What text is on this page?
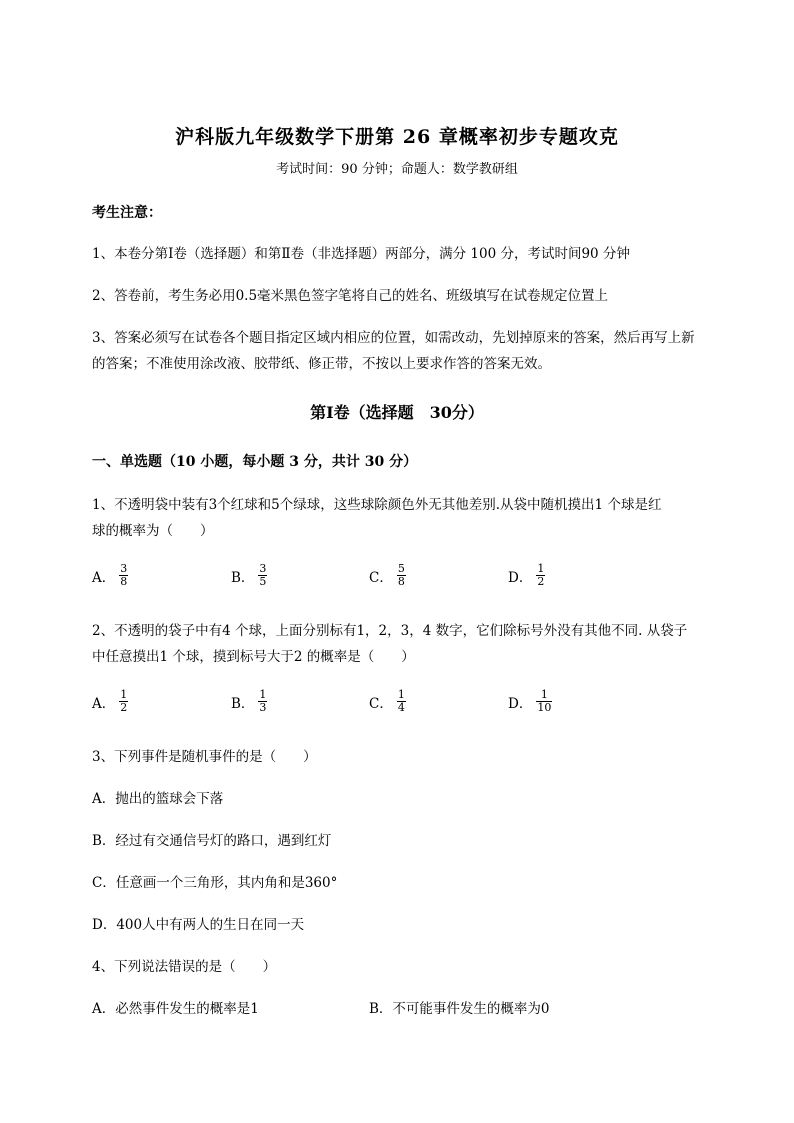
沪科版九年级数学下册第 26 章概率初步专题攻克
考试时间：90 分钟；命题人：数学教研组
考生注意：
1、本卷分第Ⅰ卷（选择题）和第Ⅱ卷（非选择题）两部分，满分 100 分，考试时间90 分钟
2、答卷前，考生务必用0.5毫米黑色签字笔将自己的姓名、班级填写在试卷规定位置上
3、答案必须写在试卷各个题目指定区域内相应的位置，如需改动，先划掉原来的答案，然后再写上新
的答案；不准使用涂改液、胶带纸、修正带，不按以上要求作答的答案无效。
第Ⅰ卷（选择题　30分）
一、单选题（10 小题，每小题 3 分，共计 30 分）
1、不透明袋中装有3个红球和5个绿球，这些球除颜色外无其他差别.从袋中随机摸出1 个球是红
球的概率为（　　）
A． $\frac{3}{8}$	B． $\frac{3}{5}$	C． $\frac{5}{8}$	D． $\frac{1}{2}$
2、不透明的袋子中有4 个球，上面分别标有1，2，3，4 数字，它们除标号外没有其他不同. 从袋子
中任意摸出1 个球，摸到标号大于2 的概率是（　　）
A． $\frac{1}{2}$	B． $\frac{1}{3}$	C． $\frac{1}{4}$	D． $\frac{1}{10}$
3、下列事件是随机事件的是（　　）
A．抛出的篮球会下落
B．经过有交通信号灯的路口，遇到红灯
C．任意画一个三角形，其内角和是360°
D．400人中有两人的生日在同一天
4、下列说法错误的是（　　）
A．必然事件发生的概率是1	B．不可能事件发生的概率为0
